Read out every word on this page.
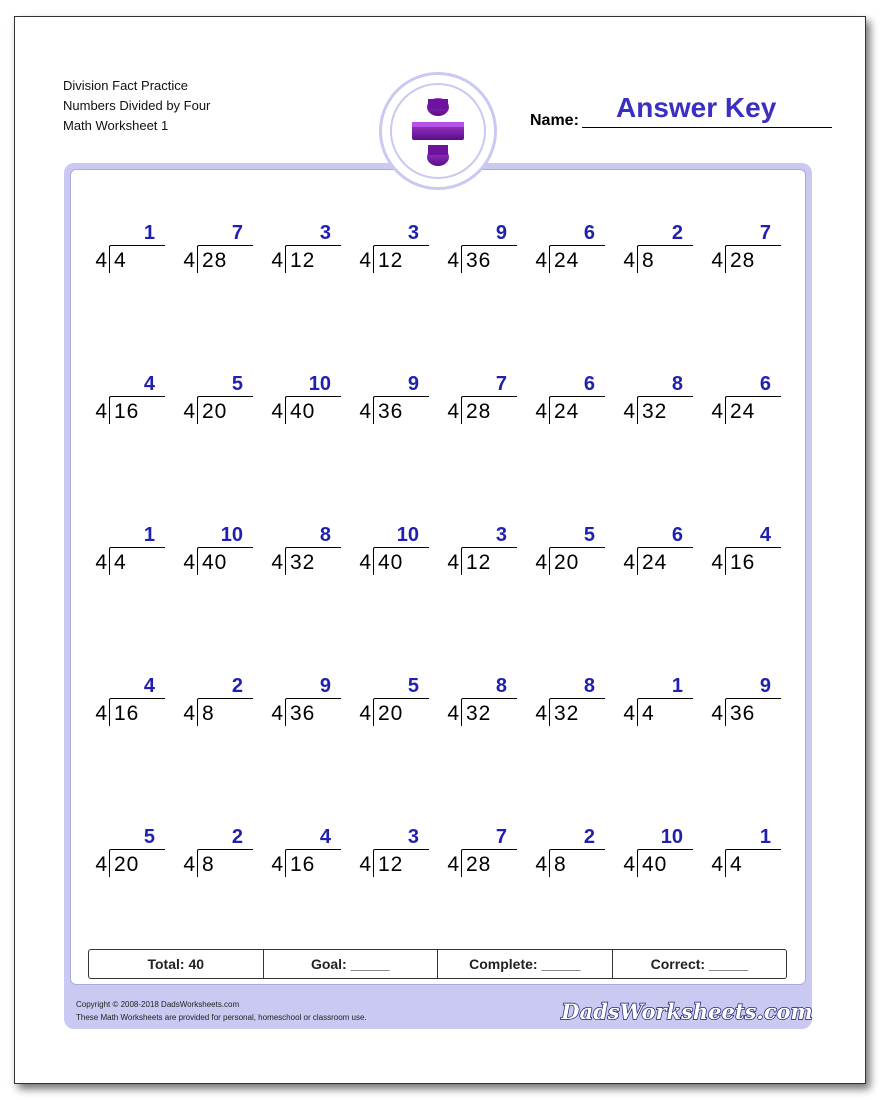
Division Fact Practice
Numbers Divided by Four
Math Worksheet 1	Name: Answer Key
1
4 4
7
4 28
3
4 12
3
4 12
9
4 36
6
4 24
2
4 8
7
4 28
4
4 16
5
4 20
10
4 40
9
4 36
7
4 28
6
4 24
8
4 32
6
4 24
1
4 4
10
4 40
8
4 32
10
4 40
3
4 12
5
4 20
6
4 24
4
4 16
4
4 16
2
4 8
9
4 36
5
4 20
8
4 32
8
4 32
1
4 4
9
4 36
5
4 20
2
4 8
4
4 16
3
4 12
7
4 28
2
4 8
10
4 40
1
4 4
Total: 40	Goal: _____	Complete: _____	Correct: _____
Copyright © 2008-2018 DadsWorksheets.com
These Math Worksheets are provided for personal, homeschool or classroom use.	DadsWorksheets.com
